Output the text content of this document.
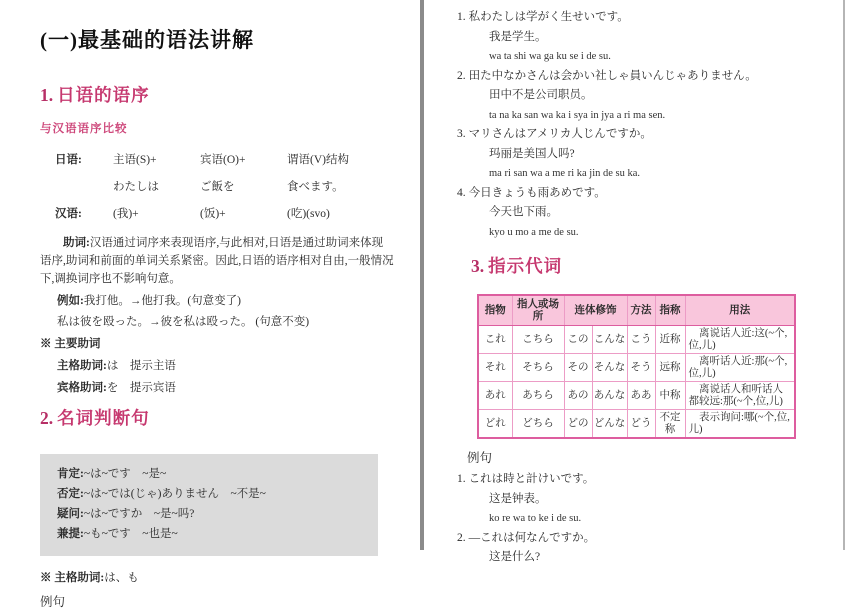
(一)最基础的语法讲解
1. 日语的语序

与汉语语序比较

日语:	主语(S)+	宾语(O)+	谓语(V)结构
わたしは	ご飯を	食べます。
汉语:	(我)+	(饭)+	(吃)(svo)

助词:汉语通过词序来表现语序,与此相对,日语是通过助词来体现语序,助词和前面的单词关系紧密。因此,日语的语序相对自由,一般情况下,调换词序也不影响句意。

例如:我打他。→他打我。(句意变了)

私は彼を殴った。→彼を私は殴った。 (句意不变)

※ 主要助词

主格助词:は　提示主语

宾格助词:を　提示宾语

2. 名词判断句

肯定:~は~です　~是~

否定:~は~では(じゃ)ありません　~不是~

疑问:~は~ですか　~是~吗?

兼提:~も~です　~也是~

※ 主格助词:は、も

例句

1. 私わたしは学がく生せいです。

我是学生。

wa ta shi wa ga ku se i de su.

2. 田た中なかさんは会かい社しゃ員いんじゃありません。

田中不是公司职员。

ta na ka san wa ka i sya in jya a ri ma sen.

3. マリさんはアメリカ人じんですか。

玛丽是美国人吗?

ma ri san wa a me ri ka jin de su ka.

4. 今日きょうも雨あめです。

今天也下雨。

kyo u mo a me de su.

3. 指示代词
指物	指人或场所	连体修饰		方法	指称	用法
これ	こちら	この	こんな	こう	近称	离说话人近:这(~个,位,儿)
それ	そちら	その	そんな	そう	远称	离听话人近:那(~个,位,儿)
あれ	あちら	あの	あんな	ああ	中称	离说话人和听话人都较远:那(~个,位,儿)
どれ	どちら	どの	どんな	どう	不定称	表示询问:哪(~个,位,儿)

例句

1. これは時と計けいです。

这是钟表。

ko re wa to ke i de su.

2. —これは何なんですか。

这是什么?
